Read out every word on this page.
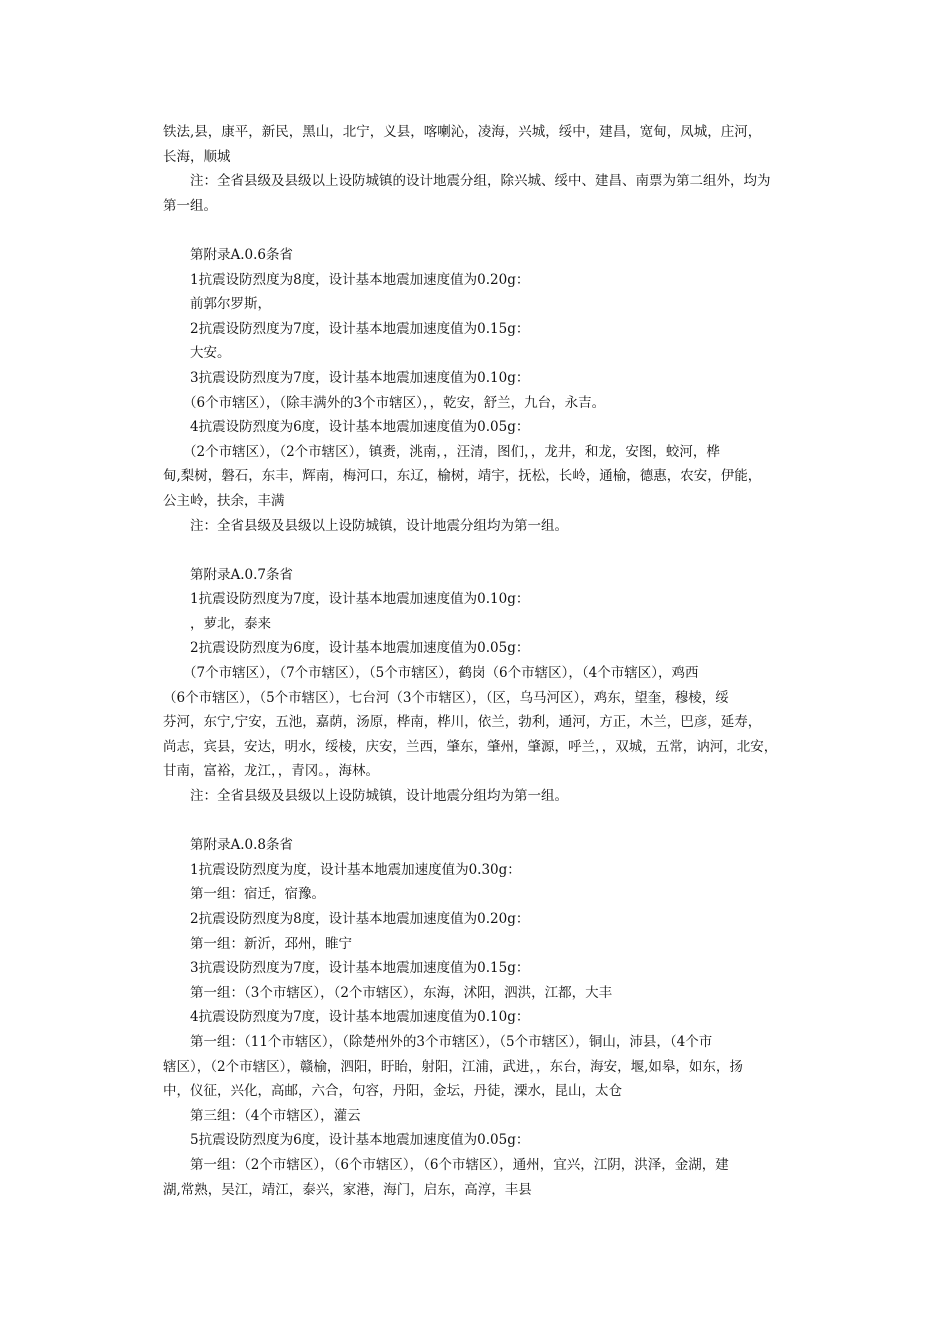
铁法,县，康平，新民，黑山，北宁，义县，喀喇沁，凌海，兴城，绥中，建昌，宽甸，凤城，庄河，
长海，顺城
注：全省县级及县级以上设防城镇的设计地震分组，除兴城、绥中、建昌、南票为第二组外，均为
第一组。
第附录A.0.6条省
1抗震设防烈度为8度，设计基本地震加速度值为0.20g：
前郭尔罗斯，
2抗震设防烈度为7度，设计基本地震加速度值为0.15g：
大安。
3抗震设防烈度为7度，设计基本地震加速度值为0.10g：
（6个市辖区），（除丰满外的3个市辖区），，乾安，舒兰，九台，永吉。
4抗震设防烈度为6度，设计基本地震加速度值为0.05g：
（2个市辖区），（2个市辖区），镇赉，洮南，，汪清，图们，，龙井，和龙，安图，蛟河，桦
甸,梨树，磐石，东丰，辉南，梅河口，东辽，榆树，靖宇，抚松，长岭，通榆，德惠，农安，伊能，
公主岭，扶余，丰满
注：全省县级及县级以上设防城镇，设计地震分组均为第一组。
第附录A.0.7条省
1抗震设防烈度为7度，设计基本地震加速度值为0.10g：
，萝北，泰来
2抗震设防烈度为6度，设计基本地震加速度值为0.05g：
（7个市辖区），（7个市辖区），（5个市辖区），鹤岗（6个市辖区），（4个市辖区），鸡西
（6个市辖区），（5个市辖区），七台河（3个市辖区），（区，乌马河区），鸡东，望奎，穆棱，绥
芬河，东宁,宁安，五池，嘉荫，汤原，桦南，桦川，依兰，勃利，通河，方正，木兰，巴彦，延寿，
尚志，宾县，安达，明水，绥棱，庆安，兰西，肇东，肇州，肇源，呼兰，，双城，五常，讷河，北安，
甘南，富裕，龙江，，青冈。，海林。
注：全省县级及县级以上设防城镇，设计地震分组均为第一组。
第附录A.0.8条省
1抗震设防烈度为度，设计基本地震加速度值为0.30g：
第一组：宿迁，宿豫。
2抗震设防烈度为8度，设计基本地震加速度值为0.20g：
第一组：新沂，邳州，睢宁
3抗震设防烈度为7度，设计基本地震加速度值为0.15g：
第一组：（3个市辖区），（2个市辖区），东海，沭阳，泗洪，江都，大丰
4抗震设防烈度为7度，设计基本地震加速度值为0.10g：
第一组：（11个市辖区），（除楚州外的3个市辖区），（5个市辖区），铜山，沛县，（4个市
辖区），（2个市辖区），赣榆，泗阳，盱眙，射阳，江浦，武进，，东台，海安，堰,如皋，如东，扬
中，仪征，兴化，高邮，六合，句容，丹阳，金坛，丹徒，溧水，昆山，太仓
第三组：（4个市辖区），灌云
5抗震设防烈度为6度，设计基本地震加速度值为0.05g：
第一组：（2个市辖区），（6个市辖区），（6个市辖区），通州，宜兴，江阴，洪泽，金湖，建
湖,常熟，吴江，靖江，泰兴，家港，海门，启东，高淳，丰县
